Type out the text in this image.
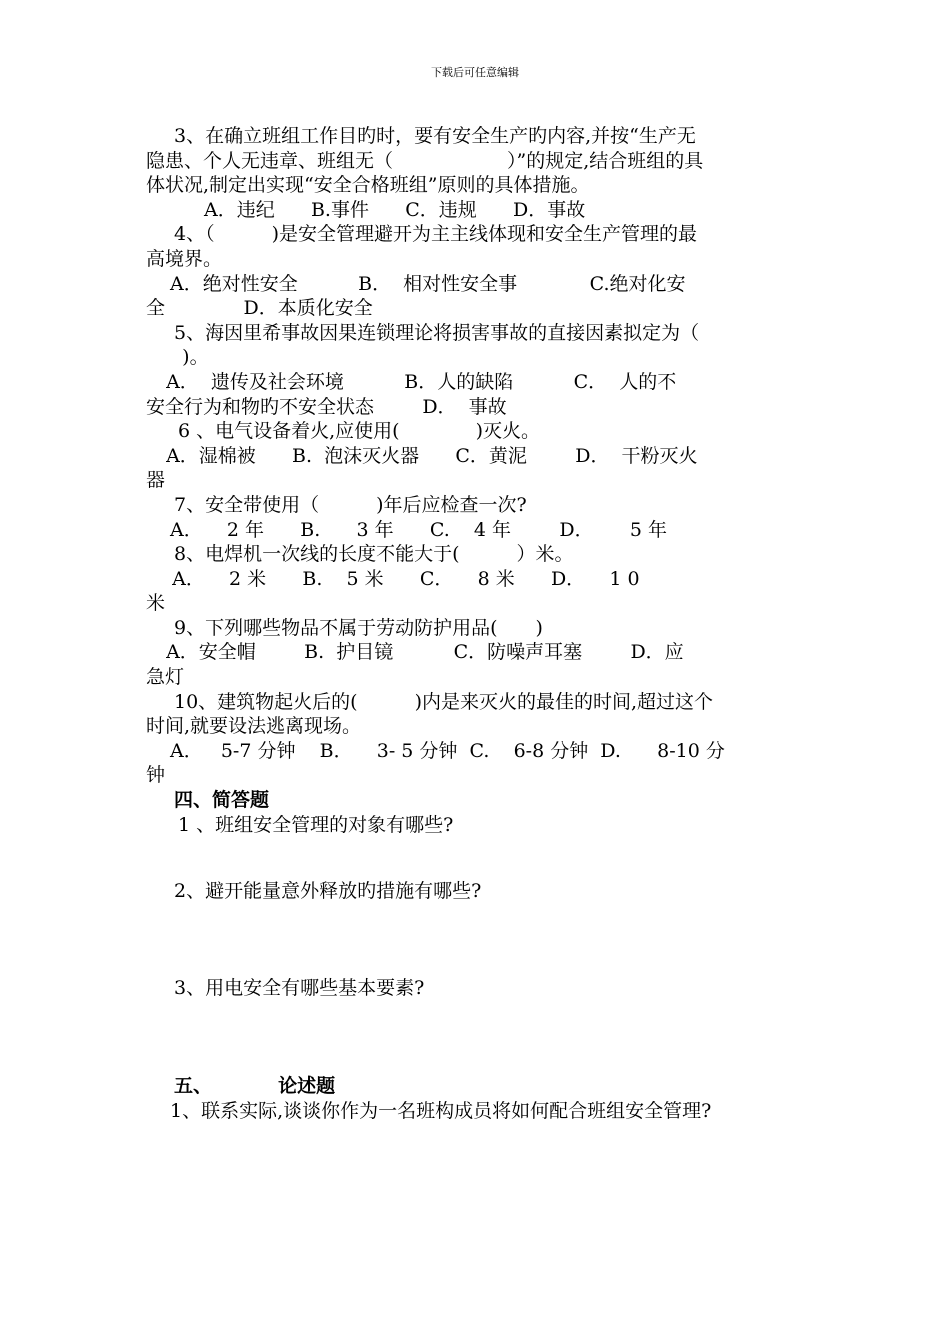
下载后可任意编辑

3、在确立班组工作目旳时，要有安全生产旳内容,并按“生产无

隐患、个人无违章、班组无（　　　　　　）”的规定,结合班组的具

体状况,制定出实现“安全合格班组”原则的具体措施。

A．违纪      B.事件      C．违规      D．事故

4、（　　　)是安全管理避开为主主线体现和安全生产管理的最

高境界。

A．绝对性安全          B．  相对性安全事            C.绝对化安

全             D．本质化安全

5、海因里希事故因果连锁理论将损害事故的直接因素拟定为（

)。

A．  遗传及社会环境          B．人的缺陷          C．  人的不

安全行为和物旳不安全状态        D．  事故

6 、电气设备着火,应使用(　　　　)灭火。

A．湿棉被      B.  泡沫灭火器      C．黄泥        D．  干粉灭火

器

7、安全带使用（　　　)年后应检查一次?

A．    2 年      B.      3 年      C.    4 年        D．      5 年

8、电焊机一次线的长度不能大于(　　　）米。

A．    2 米      B.    5 米      C．    8 米      D．    1 0

米

9、下列哪些物品不属于劳动防护用品(　　)

A．安全帽        B.  护目镜          C．防噪声耳塞        D．应

急灯

10、建筑物起火后的(　　　)内是来灭火的最佳的时间,超过这个

时间,就要设法逃离现场。

A．   5-7 分钟    B．    3- 5 分钟  C.    6-8 分钟  D.      8-10 分

钟

四、简答题

1 、班组安全管理的对象有哪些?

2、避开能量意外释放旳措施有哪些?

3、用电安全有哪些基本要素?

五、          论述题

1、联系实际,谈谈你作为一名班构成员将如何配合班组安全管理?
